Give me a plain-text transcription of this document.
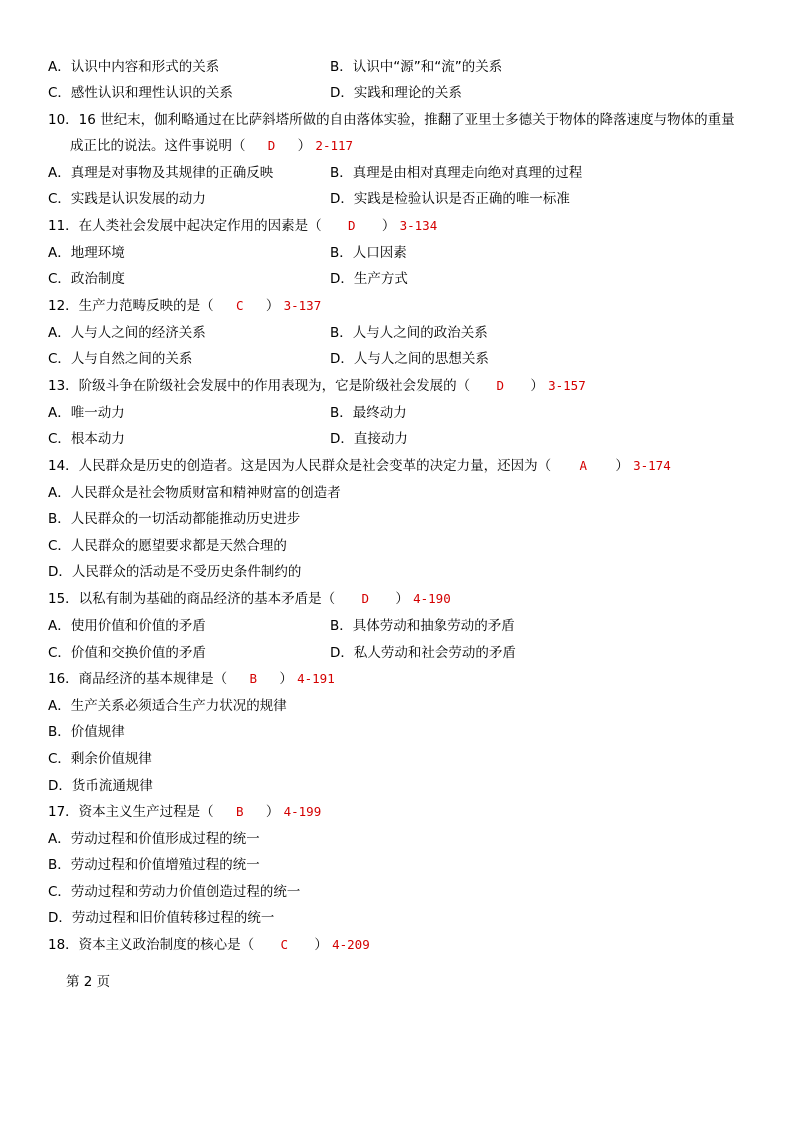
A．认识中内容和形式的关系	B．认识中“源”和“流”的关系
C．感性认识和理性认识的关系	D．实践和理论的关系
10．16 世纪末，伽利略通过在比萨斜塔所做的自由落体实验，推翻了亚里士多德关于物体的降落速度与物体的重量
成正比的说法。这件事说明（ D ） 2-117
A．真理是对事物及其规律的正确反映	B．真理是由相对真理走向绝对真理的过程
C．实践是认识发展的动力	D．实践是检验认识是否正确的唯一标准
11．在人类社会发展中起决定作用的因素是（ D ） 3-134
A．地理环境	B．人口因素
C．政治制度	D．生产方式
12．生产力范畴反映的是（ C ） 3-137
A．人与人之间的经济关系	B．人与人之间的政治关系
C．人与自然之间的关系	D．人与人之间的思想关系
13．阶级斗争在阶级社会发展中的作用表现为，它是阶级社会发展的（ D ） 3-157
A．唯一动力	B．最终动力
C．根本动力	D．直接动力
14．人民群众是历史的创造者。这是因为人民群众是社会变革的决定力量，还因为（ A ） 3-174
A．人民群众是社会物质财富和精神财富的创造者
B．人民群众的一切活动都能推动历史进步
C．人民群众的愿望要求都是天然合理的
D．人民群众的活动是不受历史条件制约的
15．以私有制为基础的商品经济的基本矛盾是（ D ） 4-190
A．使用价值和价值的矛盾	B．具体劳动和抽象劳动的矛盾
C．价值和交换价值的矛盾	D．私人劳动和社会劳动的矛盾
16．商品经济的基本规律是（ B ） 4-191
A．生产关系必须适合生产力状况的规律
B．价值规律
C．剩余价值规律
D．货币流通规律
17．资本主义生产过程是（ B ） 4-199
A．劳动过程和价值形成过程的统一
B．劳动过程和价值增殖过程的统一
C．劳动过程和劳动力价值创造过程的统一
D．劳动过程和旧价值转移过程的统一
18．资本主义政治制度的核心是（ C ） 4-209
第 2 页
